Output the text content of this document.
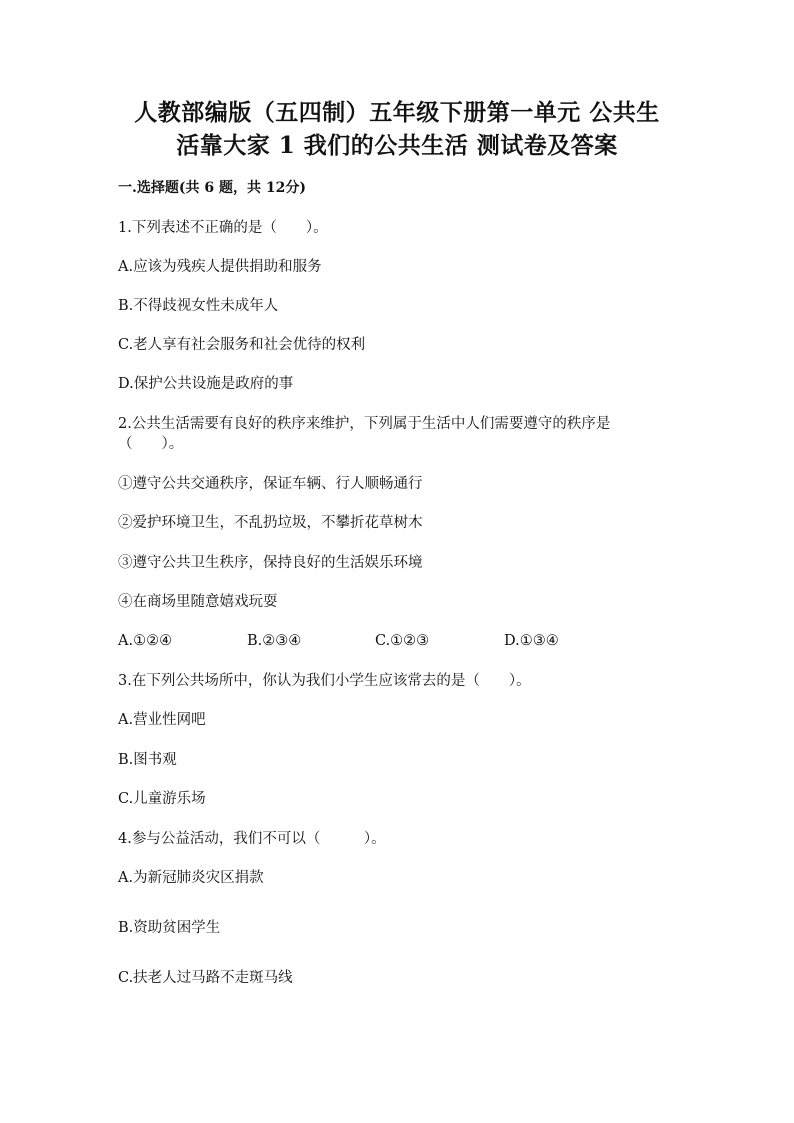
人教部编版（五四制）五年级下册第一单元 公共生
活靠大家 1 我们的公共生活 测试卷及答案
一.选择题(共 6 题，共 12分)
1.下列表述不正确的是（　　）。
A.应该为残疾人提供捐助和服务
B.不得歧视女性未成年人
C.老人享有社会服务和社会优待的权利
D.保护公共设施是政府的事
2.公共生活需要有良好的秩序来维护，下列属于生活中人们需要遵守的秩序是
（　　）。
①遵守公共交通秩序，保证车辆、行人顺畅通行
②爱护环境卫生，不乱扔垃圾，不攀折花草树木
③遵守公共卫生秩序，保持良好的生活娱乐环境
④在商场里随意嬉戏玩耍
A.①②④	B.②③④	C.①②③	D.①③④
3.在下列公共场所中，你认为我们小学生应该常去的是（　　）。
A.营业性网吧
B.图书观
C.儿童游乐场
4.参与公益活动，我们不可以（　　　）。
A.为新冠肺炎灾区捐款
B.资助贫困学生
C.扶老人过马路不走斑马线
